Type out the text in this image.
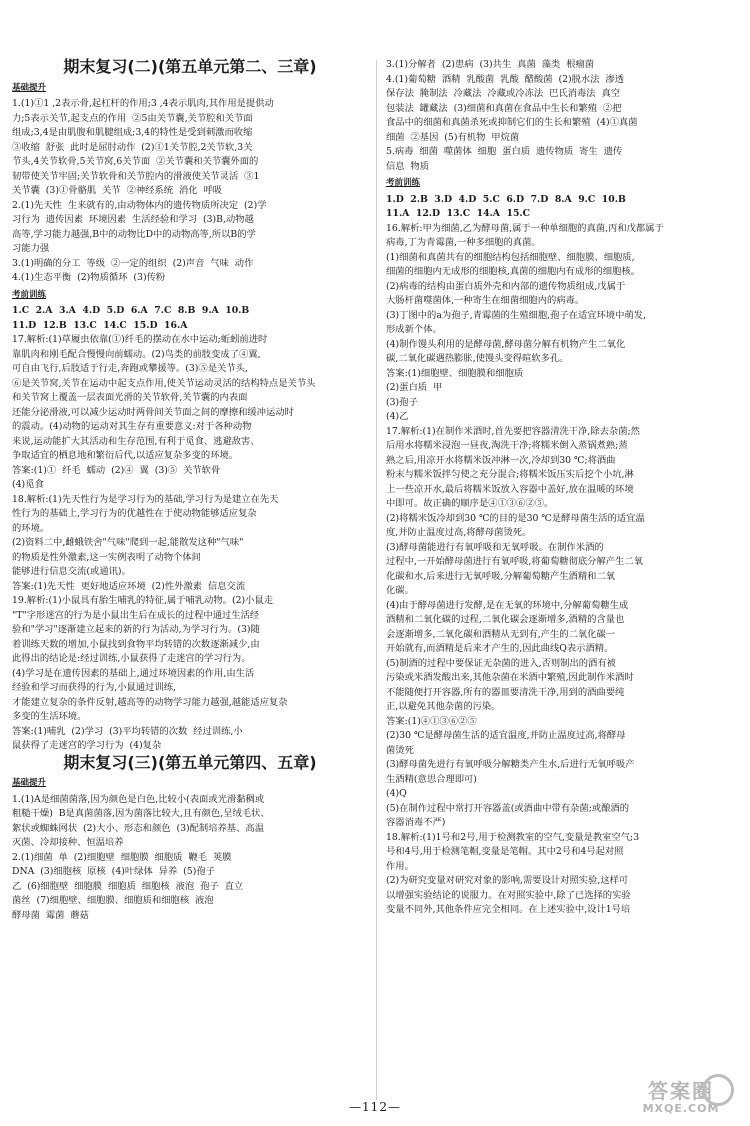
期末复习(二)(第五单元第二、三章)
基础提升
1.(1)①1 ,2表示骨,起杠杆的作用;3 ,4表示肌肉,其作用是提供动
力;5表示关节,起支点的作用  ②5由关节囊,关节腔和关节面
组成;3,4是由肌腹和肌腱组成;3,4的特性是受到刺激而收缩
③收缩  舒张  此时是屈肘动作  (2)①1关节腔,2关节软,3关
节头,4关节软骨,5关节窝,6关节面  ②关节囊和关节囊外面的
韧带使关节牢固;关节软骨和关节腔内的滑液使关节灵活  ③1
关节囊  (3)①骨骼肌  关节  ②神经系统  消化  呼吸
2.(1)先天性  生来就有的,由动物体内的遗传物质所决定  (2)学
习行为  遗传因素  环境因素  生活经验和学习  (3)B,动物越
高等,学习能力越强,B中的动物比D中的动物高等,所以B的学
习能力强
3.(1)明确的分工  等级  ②一定的组织  (2)声音  气味  动作
4.(1)生态平衡  (2)物质循环  (3)传粉
考前训练
1.C  2.A  3.A  4.D  5.D  6.A  7.C  8.B  9.A  10.B
11.D  12.B  13.C  14.C  15.D  16.A
17.解析:(1)草履虫依靠(①)纤毛的摆动在水中运动;蚯蚓前进时
靠肌肉和刚毛配合慢慢向前蠕动。(2)鸟类的前肢变成了④翼,
可自由飞行,后肢适于行走,奔跑或攀援等。(3)⑤是关节头,
⑥是关节窝,关节在运动中起支点作用,使关节运动灵活的结构特点是关节头
和关节窝上覆盖一层表面光滑的关节软骨,关节囊的内表面
还能分泌滑液,可以减少运动时两骨间关节面之间的摩擦和缓冲运动时
的震动。(4)动物的运动对其生存有重要意义:对于各种动物
来说,运动能扩大其活动和生存范围,有利于觅食、逃避敌害、
争取适宜的栖息地和繁衍后代,以适应复杂多变的环境。
答案:(1)①  纤毛  蠕动  (2)④  翼  (3)⑤  关节软骨
(4)觅食
18.解析:(1)先天性行为是学习行为的基础,学习行为是建立在先天
性行为的基础上,学习行为的优越性在于使动物能够适应复杂
的环境。
(2)资料二中,雌蛾铁舍"气味"爬到一起,能散发这种"气味"
的物质是性外激素,这一实例表明了动物个体间
能够进行信息交流(或通讯)。
答案:(1)先天性  更好地适应环境  (2)性外激素  信息交流
19.解析:(1)小鼠具有胎生哺乳的特征,属于哺乳动物。(2)小鼠走
"T"字形迷宫的行为是小鼠出生后在成长的过程中通过生活经
验和"学习"逐渐建立起来的新的行为活动,为学习行为。(3)随
着训练天数的增加,小鼠找到食物平均转错的次数逐渐减少,由
此得出的结论是:经过训练,小鼠获得了走迷宫的学习行为。
(4)学习是在遗传因素的基础上,通过环境因素的作用,由生活
经验和学习而获得的行为,小鼠通过训练,
才能建立复杂的条件反射,越高等的动物学习能力越强,越能适应复杂
多变的生活环境。
答案:(1)哺乳  (2)学习  (3)平均转错的次数  经过训练,小
鼠获得了走迷宫的学习行为  (4)复杂
期末复习(三)(第五单元第四、五章)
基础提升
1.(1)A是细菌菌落,因为颜色是白色,比较小(表面或光滑黏稠或
粗糙干燥)  B是真菌菌落,因为菌落比较大,且有颜色,呈绒毛状、
絮状或蜘蛛网状  (2)大小、形态和颜色  (3)配制培养基、高温
灭菌、冷却接种、恒温培养
2.(1)细菌  单  (2)细胞壁  细胞膜  细胞质  鞭毛  荚膜
DNA  (3)细胞核  原核  (4)叶绿体  异养  (5)孢子
乙  (6)细胞壁  细胞膜  细胞质  细胞核  液泡  孢子  直立
菌丝  (7)细胞壁、细胞膜、细胞质和细胞核  液泡
酵母菌  霉菌  蘑菇
3.(1)分解者  (2)患病  (3)共生  真菌  藻类  根瘤菌
4.(1)葡萄糖  酒精  乳酸菌  乳酸  醋酸菌  (2)脱水法  渗透
保存法  腌制法  冷藏法  冷藏或冷冻法  巴氏消毒法  真空
包装法  罐藏法  (3)细菌和真菌在食品中生长和繁殖  ②把
食品中的细菌和真菌杀死或抑制它们的生长和繁殖  (4)①真菌
细菌  ②基因  (5)有机物  甲烷菌
5.病毒  细菌  噬菌体  细胞  蛋白质  遗传物质  寄生  遗传
信息  物质
考前训练
1.D  2.B  3.D  4.D  5.C  6.D  7.D  8.A  9.C  10.B
11.A  12.D  13.C  14.A  15.C
16.解析:甲为细菌,乙为酵母菌,属于一种单细胞的真菌,丙和戊都属于
病毒,丁为青霉菌,一种多细胞的真菌。
(1)细菌和真菌共有的细胞结构包括细胞壁、细胞膜、细胞质,
细菌的细胞内无成形的细胞核,真菌的细胞内有成形的细胞核。
(2)病毒的结构由蛋白质外壳和内部的遗传物质组成,戊属于
大肠杆菌噬菌体,一种寄生在细菌细胞内的病毒。
(3)丁图中的a为孢子,青霉菌的生殖细胞,孢子在适宜环境中萌发,
形成新个体。
(4)制作馒头利用的是酵母菌,酵母菌分解有机物产生二氧化
碳,二氧化碳遇热膨胀,使馒头变得暄软多孔。
答案:(1)细胞壁、细胞膜和细胞质
(2)蛋白质  甲
(3)孢子
(4)乙
17.解析:(1)在制作米酒时,首先要把容器清洗干净,除去杂菌;然
后用水将糯米浸泡一昼夜,淘洗干净;将糯米倒入蒸锅煮熟;蒸
熟之后,用凉开水将糯米饭冲淋一次,冷却到30 ℃;将酒曲
粉末与糯米饭拌匀使之充分混合;将糯米饭压实后挖个小坑,淋
上一些凉开水,最后将糯米饭放入容器中盖好,放在温暖的环境
中即可。故正确的顺序是④①③⑥②⑤。
(2)将糯米饭冷却到30 ℃的目的是30 ℃是酵母菌生活的适宜温
度,并防止温度过高,将酵母菌烫死。
(3)酵母菌能进行有氧呼吸和无氧呼吸。在制作米酒的
过程中,一开始酵母菌进行有氧呼吸,将葡萄糖彻底分解产生二氧
化碳和水,后来进行无氧呼吸,分解葡萄糖产生酒精和二氧
化碳。
(4)由于酵母菌进行发酵,是在无氧的环境中,分解葡萄糖生成
酒精和二氧化碳的过程,二氧化碳会逐渐增多,酒精的含量也
会逐渐增多,二氧化碳和酒精从无到有,产生的二氧化碳一
开始就有,而酒精是后来才产生的,因此曲线Q表示酒精。
(5)制酒的过程中要保证无杂菌的进入,否则制出的酒有被
污染或米酒发酸出来,其他杂菌在米酒中繁殖,因此制作米酒时
不能随便打开容器,所有的器皿要清洗干净,用到的酒曲要纯
正,以避免其他杂菌的污染。
答案:(1)④①③⑥②⑤
(2)30 ℃是酵母菌生活的适宜温度,并防止温度过高,将酵母
菌烫死
(3)酵母菌先进行有氧呼吸分解糖类产生水,后进行无氧呼吸产
生酒精(意思合理即可)
(4)Q
(5)在制作过程中常打开容器盖(或酒曲中带有杂菌;或酿酒的
容器消毒不严)
18.解析:(1)1号和2号,用于检测教室的空气,变量是教室空气;3
号和4号,用于检测笔帽,变量是笔帽。其中2号和4号起对照
作用。
(2)为研究变量对研究对象的影响,需要设计对照实验,这样可
以增强实验结论的说服力。在对照实验中,除了已选择的实验
变量不同外,其他条件应完全相同。在上述实验中,设计1号培
—112—
答案圈
MXQE.COM
